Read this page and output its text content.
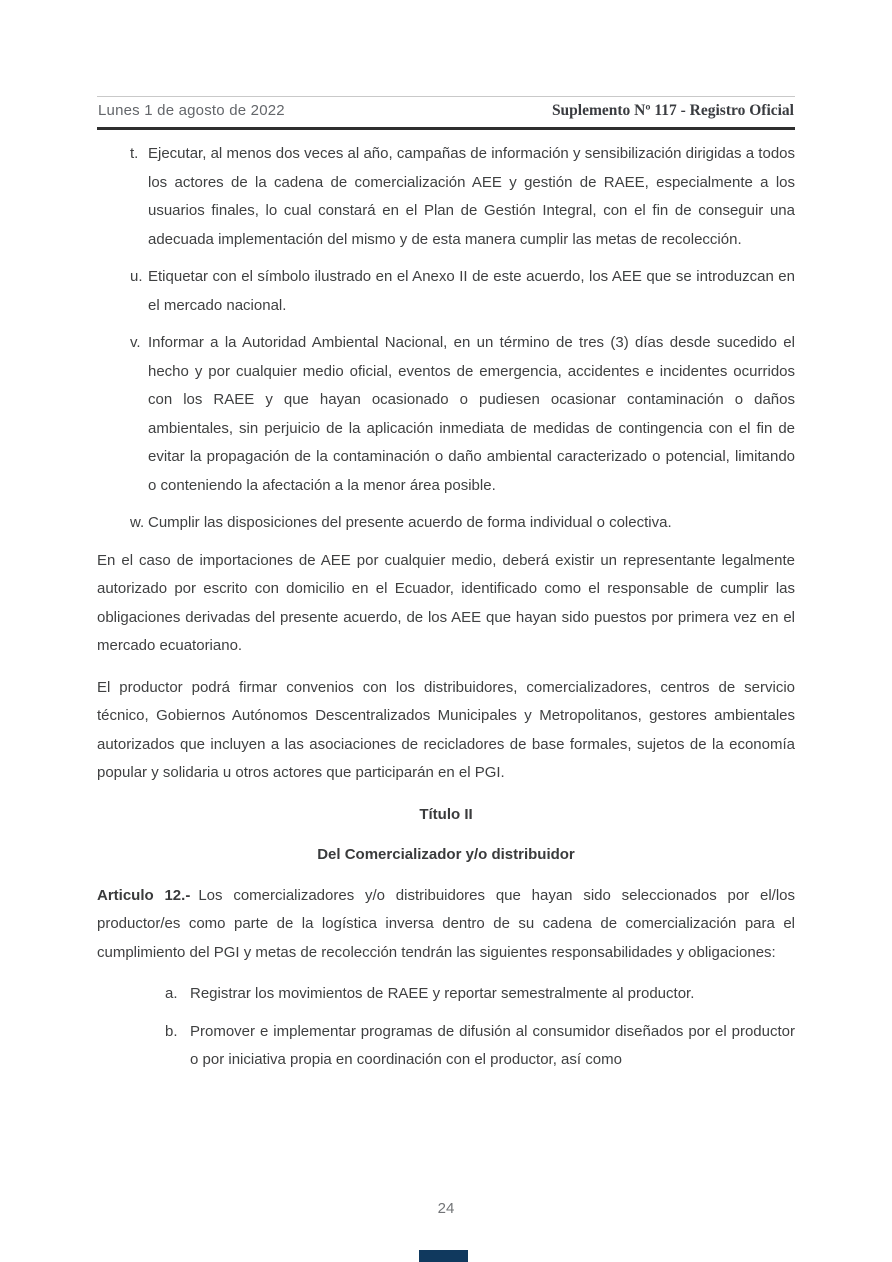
Lunes 1 de agosto de 2022	Suplemento Nº 117 - Registro Oficial
t. Ejecutar, al menos dos veces al año, campañas de información y sensibilización dirigidas a todos los actores de la cadena de comercialización AEE y gestión de RAEE, especialmente a los usuarios finales, lo cual constará en el Plan de Gestión Integral, con el fin de conseguir una adecuada implementación del mismo y de esta manera cumplir las metas de recolección.
u. Etiquetar con el símbolo ilustrado en el Anexo II de este acuerdo, los AEE que se introduzcan en el mercado nacional.
v. Informar a la Autoridad Ambiental Nacional, en un término de tres (3) días desde sucedido el hecho y por cualquier medio oficial, eventos de emergencia, accidentes e incidentes ocurridos con los RAEE y que hayan ocasionado o pudiesen ocasionar contaminación o daños ambientales, sin perjuicio de la aplicación inmediata de medidas de contingencia con el fin de evitar la propagación de la contaminación o daño ambiental caracterizado o potencial, limitando o conteniendo la afectación a la menor área posible.
w. Cumplir las disposiciones del presente acuerdo de forma individual o colectiva.

En el caso de importaciones de AEE por cualquier medio, deberá existir un representante legalmente autorizado por escrito con domicilio en el Ecuador, identificado como el responsable de cumplir las obligaciones derivadas del presente acuerdo, de los AEE que hayan sido puestos por primera vez en el mercado ecuatoriano.

El productor podrá firmar convenios con los distribuidores, comercializadores, centros de servicio técnico, Gobiernos Autónomos Descentralizados Municipales y Metropolitanos, gestores ambientales autorizados que incluyen a las asociaciones de recicladores de base formales, sujetos de la economía popular y solidaria u otros actores que participarán en el PGI.

Título II
Del Comercializador y/o distribuidor

Articulo 12.- Los comercializadores y/o distribuidores que hayan sido seleccionados por el/los productor/es como parte de la logística inversa dentro de su cadena de comercialización para el cumplimiento del PGI y metas de recolección tendrán las siguientes responsabilidades y obligaciones:

a. Registrar los movimientos de RAEE y reportar semestralmente al productor.
b. Promover e implementar programas de difusión al consumidor diseñados por el productor o por iniciativa propia en coordinación con el productor, así como
24
